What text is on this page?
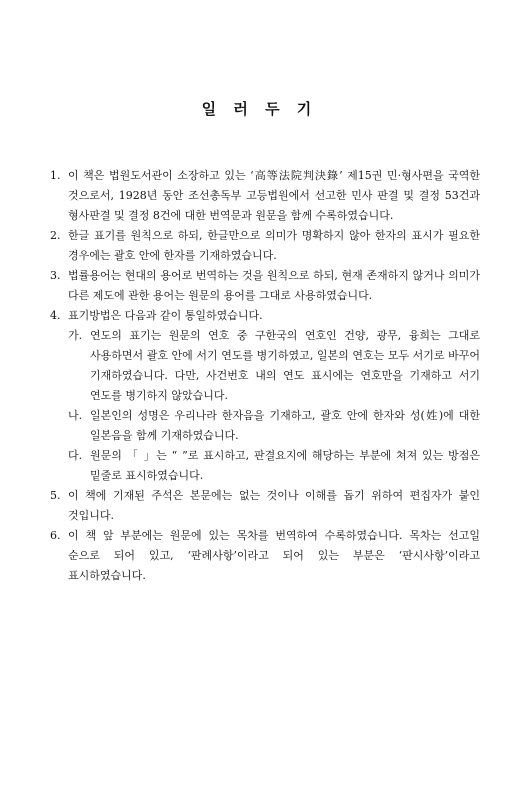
일 러 두 기
1. 이 책은 법원도서관이 소장하고 있는 ‘高等法院判決錄’ 제15권 민·형사편을 국역한 것으로서, 1928년 동안 조선총독부 고등법원에서 선고한 민사 판결 및 결정 53건과 형사판결 및 결정 8건에 대한 번역문과 원문을 함께 수록하였습니다.
2. 한글 표기를 원칙으로 하되, 한글만으로 의미가 명확하지 않아 한자의 표시가 필요한 경우에는 괄호 안에 한자를 기재하였습니다.
3. 법률용어는 현대의 용어로 번역하는 것을 원칙으로 하되, 현재 존재하지 않거나 의미가 다른 제도에 관한 용어는 원문의 용어를 그대로 사용하였습니다.
4. 표기방법은 다음과 같이 통일하였습니다.
가. 연도의 표기는 원문의 연호 중 구한국의 연호인 건양, 광무, 융희는 그대로 사용하면서 괄호 안에 서기 연도를 병기하였고, 일본의 연호는 모두 서기로 바꾸어 기재하였습니다. 다만, 사건번호 내의 연도 표시에는 연호만을 기재하고 서기 연도를 병기하지 않았습니다.
나. 일본인의 성명은 우리나라 한자음을 기재하고, 괄호 안에 한자와 성(姓)에 대한 일본음을 함께 기재하였습니다.
다. 원문의 「 」는 “ ”로 표시하고, 판결요지에 해당하는 부분에 쳐져 있는 방점은 밑줄로 표시하였습니다.
5. 이 책에 기재된 주석은 본문에는 없는 것이나 이해를 돕기 위하여 편집자가 붙인 것입니다.
6. 이 책 앞 부분에는 원문에 있는 목차를 번역하여 수록하였습니다. 목차는 선고일 순으로 되어 있고, ‘판례사항’이라고 되어 있는 부분은 ‘판시사항’이라고 표시하였습니다.
